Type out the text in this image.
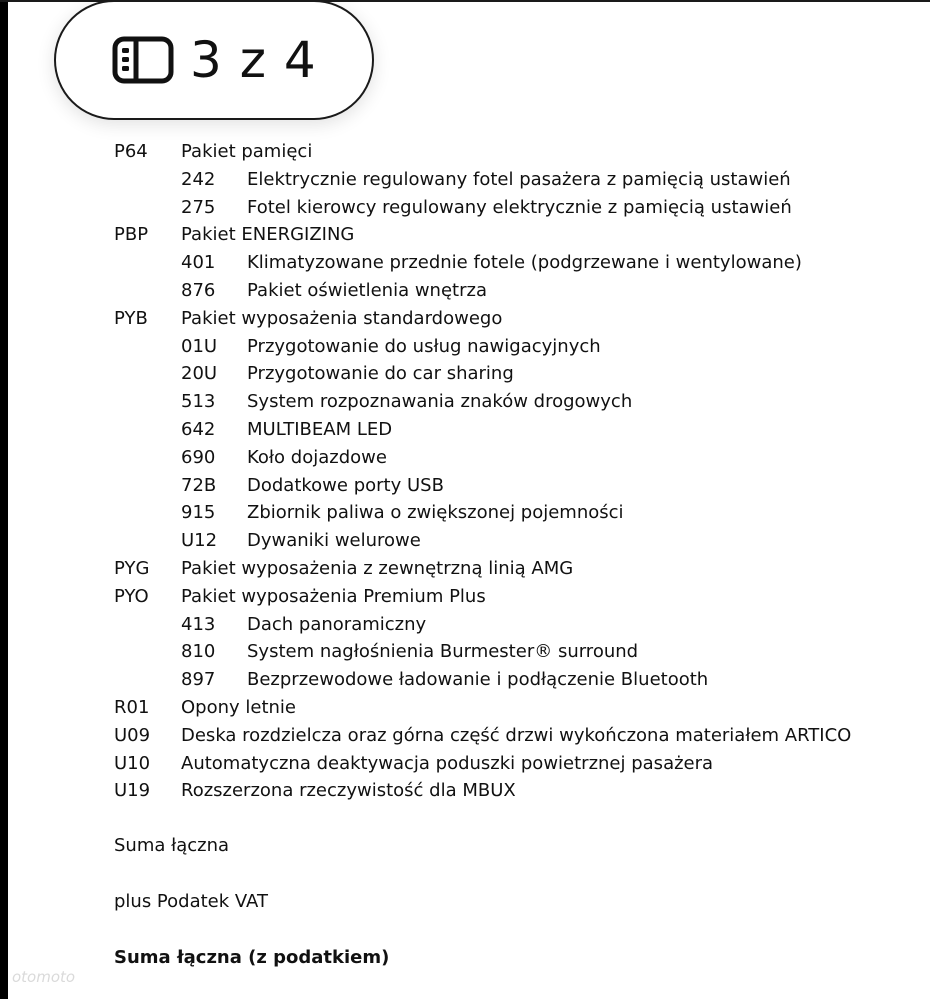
3 z 4
P64	Pakiet pamięci
242	Elektrycznie regulowany fotel pasażera z pamięcią ustawień
275	Fotel kierowcy regulowany elektrycznie z pamięcią ustawień
PBP	Pakiet ENERGIZING
401	Klimatyzowane przednie fotele (podgrzewane i wentylowane)
876	Pakiet oświetlenia wnętrza
PYB	Pakiet wyposażenia standardowego
01U	Przygotowanie do usług nawigacyjnych
20U	Przygotowanie do car sharing
513	System rozpoznawania znaków drogowych
642	MULTIBEAM LED
690	Koło dojazdowe
72B	Dodatkowe porty USB
915	Zbiornik paliwa o zwiększonej pojemności
U12	Dywaniki welurowe
PYG	Pakiet wyposażenia z zewnętrzną linią AMG
PYO	Pakiet wyposażenia Premium Plus
413	Dach panoramiczny
810	System nagłośnienia Burmester® surround
897	Bezprzewodowe ładowanie i podłączenie Bluetooth
R01	Opony letnie
U09	Deska rozdzielcza oraz górna część drzwi wykończona materiałem ARTICO
U10	Automatyczna deaktywacja poduszki powietrznej pasażera
U19	Rozszerzona rzeczywistość dla MBUX
Suma łączna
plus Podatek VAT
Suma łączna (z podatkiem)
otomoto
